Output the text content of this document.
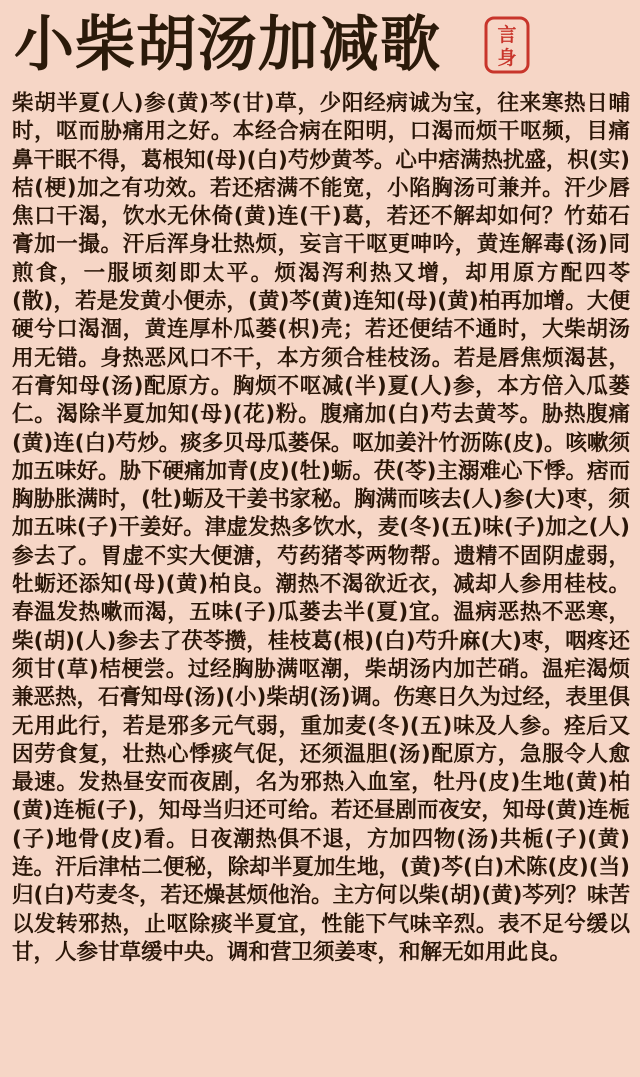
小柴胡汤加减歌	言
身

柴胡半夏(人)参(黄)芩(甘)草，少阳经病诚为宝，往来寒热日晡时，呕而胁痛用之好。本经合病在阳明，口渴而烦干呕频，目痛鼻干眠不得，葛根知(母)(白)芍炒黄芩。心中痞满热扰盛，枳(实)桔(梗)加之有功效。若还痞满不能宽，小陷胸汤可兼并。汗少唇焦口干渴，饮水无休倚(黄)连(干)葛，若还不解却如何？竹茹石膏加一撮。汗后浑身壮热烦，妄言干呕更呻吟，黄连解毒(汤)同煎食，一服顷刻即太平。烦渴泻利热又增，却用原方配四苓(散)，若是发黄小便赤，(黄)芩(黄)连知(母)(黄)柏再加增。大便硬兮口渴涸，黄连厚朴瓜蒌(枳)壳；若还便结不通时，大柴胡汤用无错。身热恶风口不干，本方须合桂枝汤。若是唇焦烦渴甚，石膏知母(汤)配原方。胸烦不呕减(半)夏(人)参，本方倍入瓜蒌仁。渴除半夏加知(母)(花)粉。腹痛加(白)芍去黄芩。胁热腹痛(黄)连(白)芍炒。痰多贝母瓜蒌保。呕加姜汁竹沥陈(皮)。咳嗽须加五味好。胁下硬痛加青(皮)(牡)蛎。茯(苓)主溺难心下悸。痞而胸胁胀满时，(牡)蛎及干姜书家秘。胸满而咳去(人)参(大)枣，须加五味(子)干姜好。津虚发热多饮水，麦(冬)(五)味(子)加之(人)参去了。胃虚不实大便溏，芍药猪苓两物帮。遗精不固阴虚弱，牡蛎还添知(母)(黄)柏良。潮热不渴欲近衣，减却人参用桂枝。春温发热嗽而渴，五味(子)瓜蒌去半(夏)宜。温病恶热不恶寒，柴(胡)(人)参去了茯苓攒，桂枝葛(根)(白)芍升麻(大)枣，咽疼还须甘(草)桔梗尝。过经胸胁满呕潮，柴胡汤内加芒硝。温疟渴烦兼恶热，石膏知母(汤)(小)柴胡(汤)调。伤寒日久为过经，表里俱无用此行，若是邪多元气弱，重加麦(冬)(五)味及人参。痊后又因劳食复，壮热心悸痰气促，还须温胆(汤)配原方，急服令人愈最速。发热昼安而夜剧，名为邪热入血室，牡丹(皮)生地(黄)柏(黄)连栀(子)，知母当归还可给。若还昼剧而夜安，知母(黄)连栀(子)地骨(皮)看。日夜潮热俱不退，方加四物(汤)共栀(子)(黄)连。汗后津枯二便秘，除却半夏加生地，(黄)芩(白)术陈(皮)(当)归(白)芍麦冬，若还燥甚烦他治。主方何以柴(胡)(黄)芩列？味苦以发转邪热，止呕除痰半夏宜，性能下气味辛烈。表不足兮缓以甘，人参甘草缓中央。调和营卫须姜枣，和解无如用此良。
